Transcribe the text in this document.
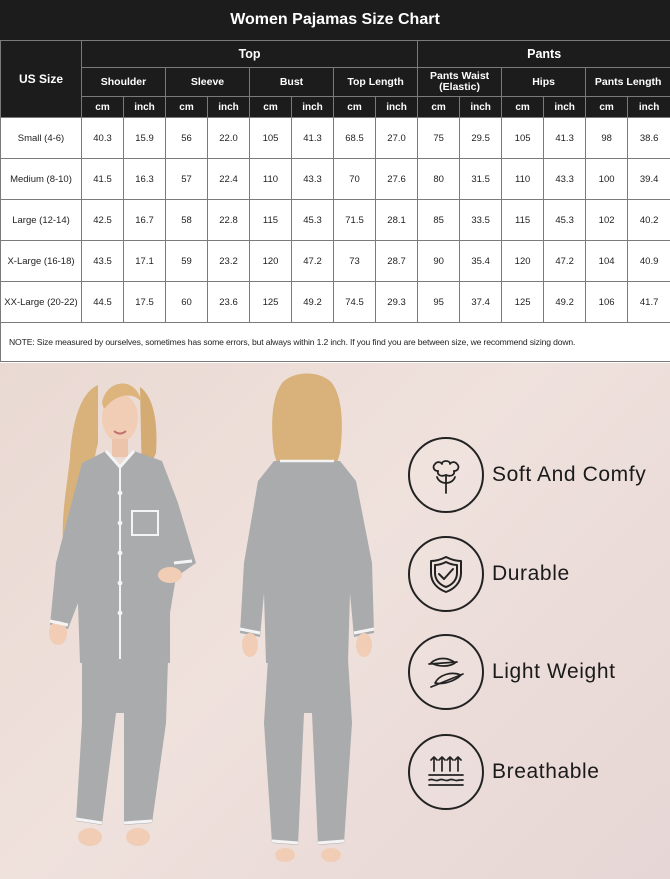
Women Pajamas Size Chart
US Size	Top								Pants					
	Shoulder		Sleeve		Bust		Top Length		Pants Waist (Elastic)		Hips		Pants Length	
	cm	inch	cm	inch	cm	inch	cm	inch	cm	inch	cm	inch	cm	inch
Small (4-6)	40.3	15.9	56	22.0	105	41.3	68.5	27.0	75	29.5	105	41.3	98	38.6
Medium (8-10)	41.5	16.3	57	22.4	110	43.3	70	27.6	80	31.5	110	43.3	100	39.4
Large (12-14)	42.5	16.7	58	22.8	115	45.3	71.5	28.1	85	33.5	115	45.3	102	40.2
X-Large (16-18)	43.5	17.1	59	23.2	120	47.2	73	28.7	90	35.4	120	47.2	104	40.9
XX-Large (20-22)	44.5	17.5	60	23.6	125	49.2	74.5	29.3	95	37.4	125	49.2	106	41.7
NOTE: Size measured by ourselves, sometimes has some errors, but always within 1.2 inch. If you find you are between size, we recommend sizing down.														
Soft And Comfy
Durable
Light Weight
Breathable
